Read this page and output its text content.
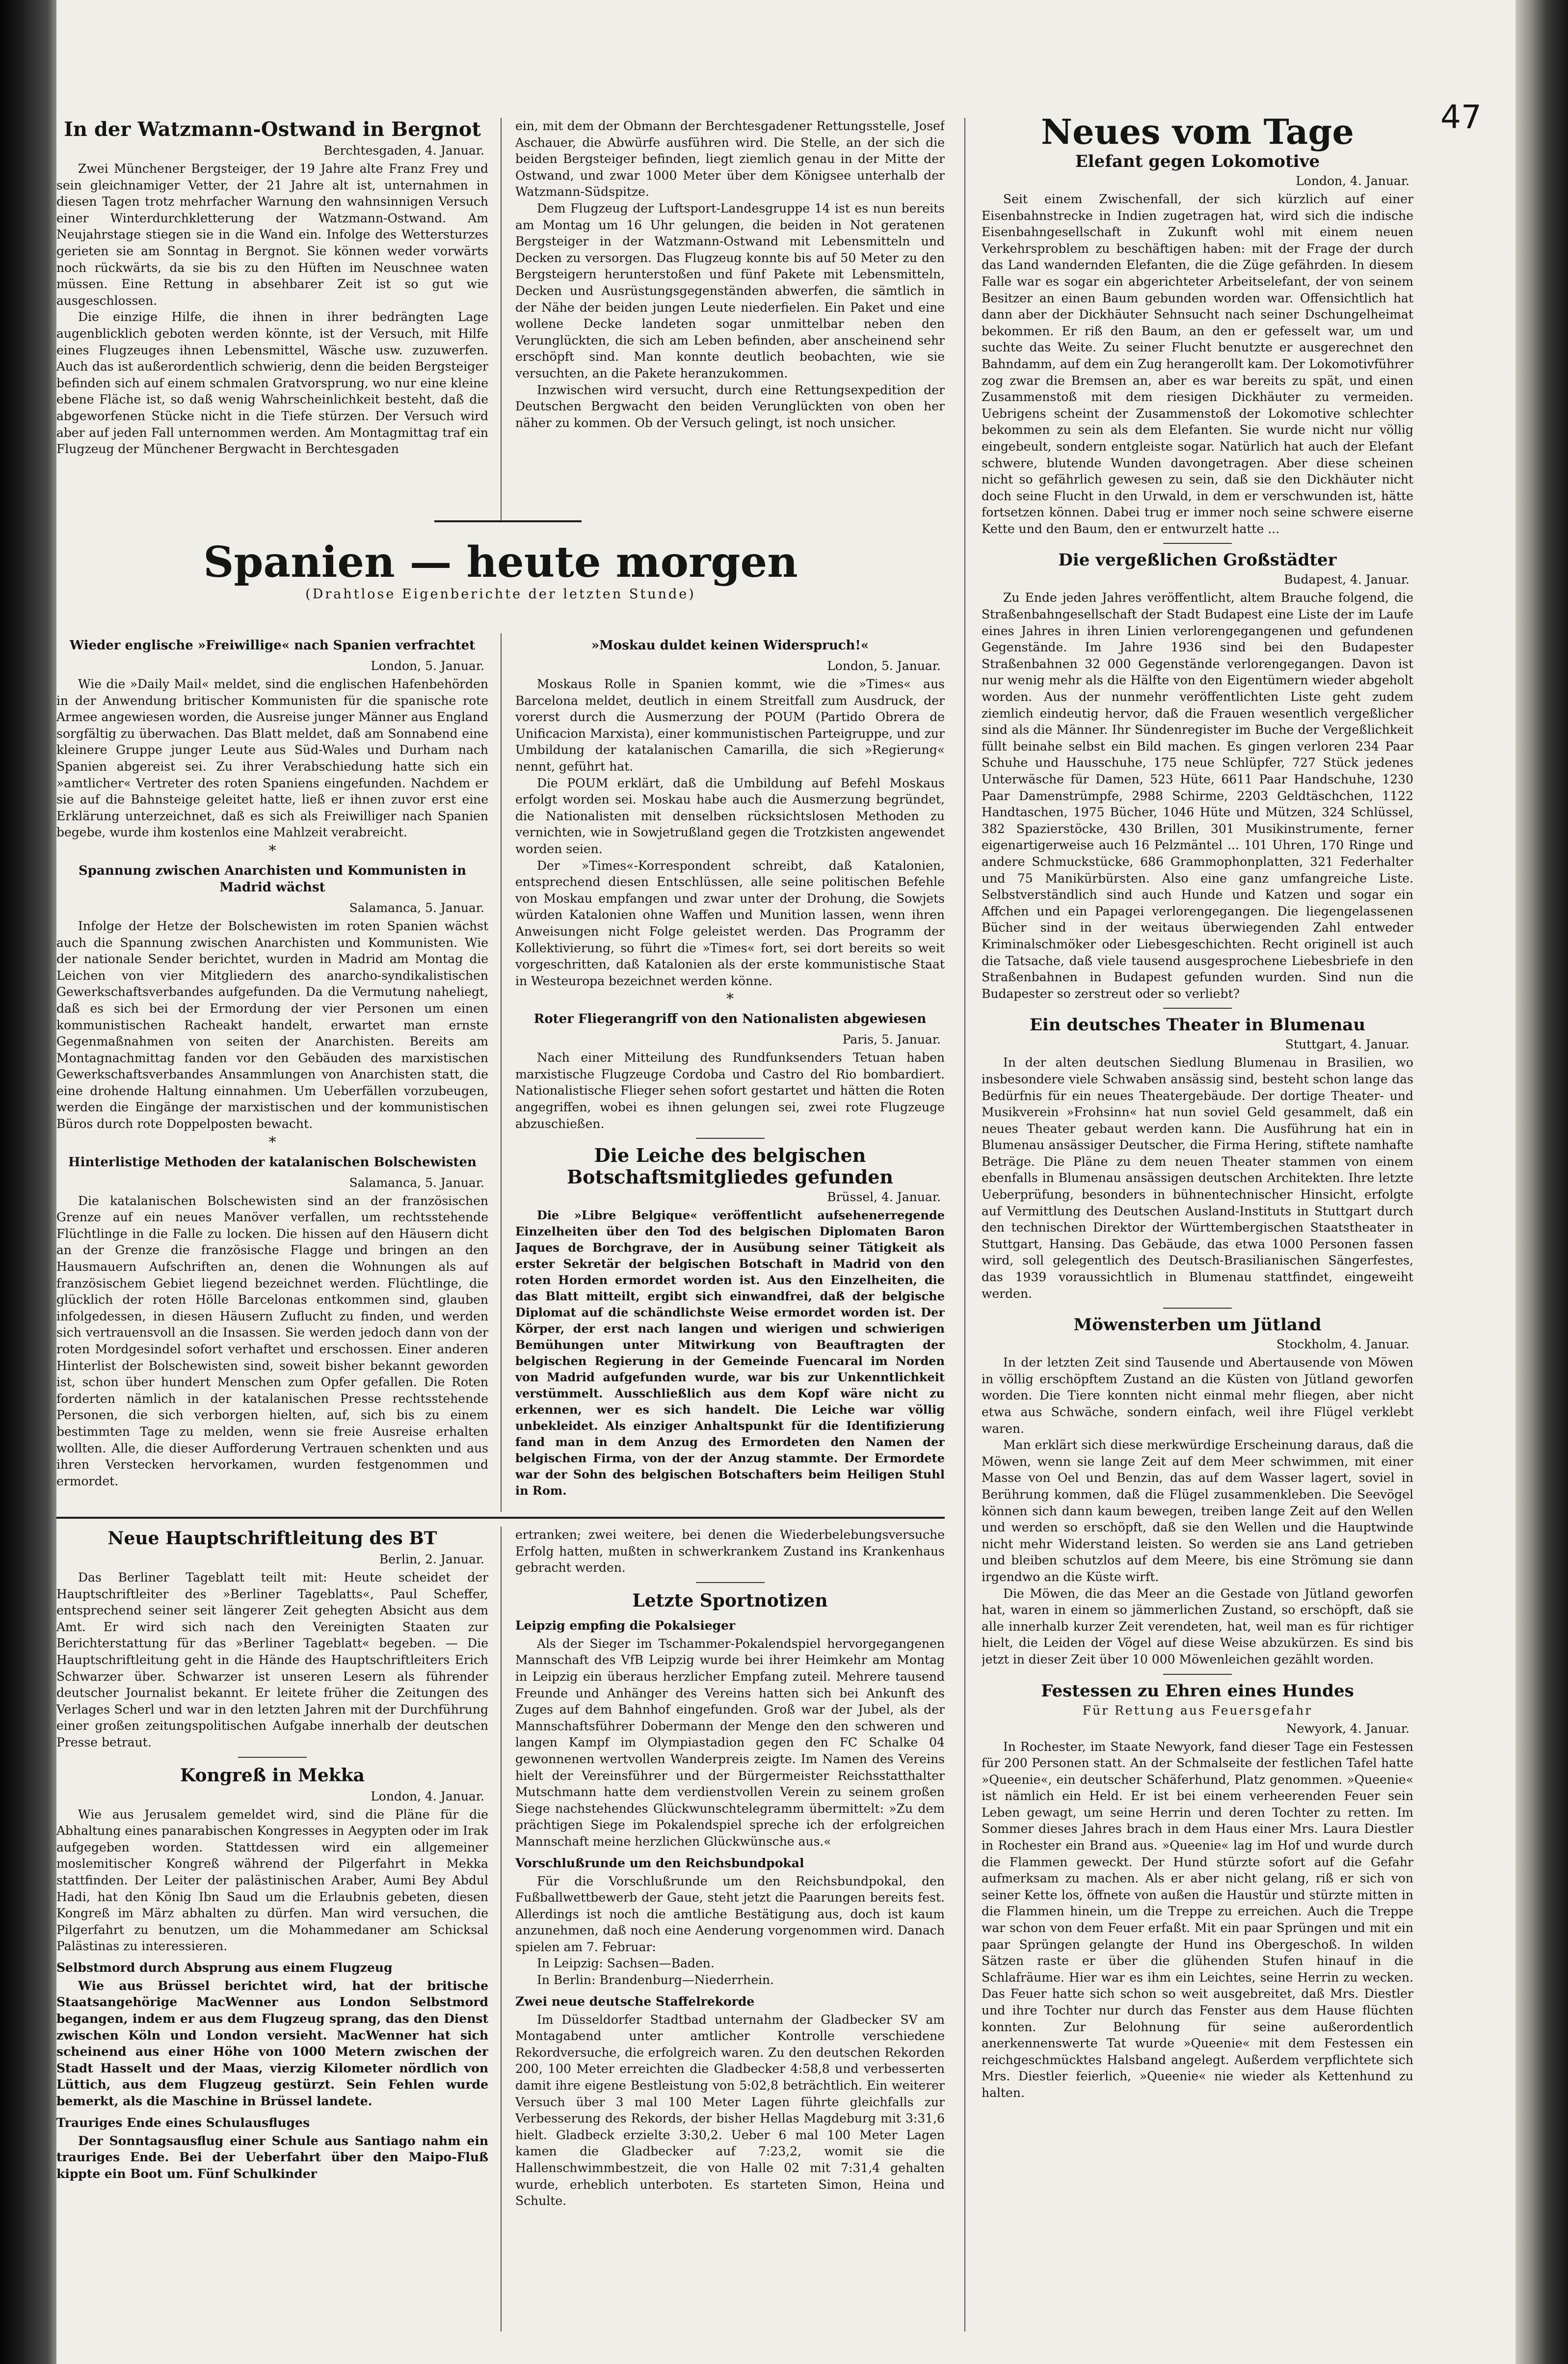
47
In der Watzmann-Ostwand in Bergnot
Berchtesgaden, 4. Januar.

Zwei Münchener Bergsteiger, der 19 Jahre alte Franz Frey und sein gleichnamiger Vetter, der 21 Jahre alt ist, unternahmen in diesen Tagen trotz mehrfacher Warnung den wahnsinnigen Versuch einer Winterdurchkletterung der Watzmann-Ostwand. Am Neujahrstage stiegen sie in die Wand ein. Infolge des Wettersturzes gerieten sie am Sonntag in Bergnot. Sie können weder vorwärts noch rückwärts, da sie bis zu den Hüften im Neuschnee waten müssen. Eine Rettung in absehbarer Zeit ist so gut wie ausgeschlossen.

Die einzige Hilfe, die ihnen in ihrer bedrängten Lage augenblicklich geboten werden könnte, ist der Versuch, mit Hilfe eines Flugzeuges ihnen Lebensmittel, Wäsche usw. zuzuwerfen. Auch das ist außerordentlich schwierig, denn die beiden Bergsteiger befinden sich auf einem schmalen Gratvorsprung, wo nur eine kleine ebene Fläche ist, so daß wenig Wahrscheinlichkeit besteht, daß die abgeworfenen Stücke nicht in die Tiefe stürzen. Der Versuch wird aber auf jeden Fall unternommen werden. Am Montagmittag traf ein Flugzeug der Münchener Bergwacht in Berchtesgaden

ein, mit dem der Obmann der Berchtesgadener Rettungsstelle, Josef Aschauer, die Abwürfe ausführen wird. Die Stelle, an der sich die beiden Bergsteiger befinden, liegt ziemlich genau in der Mitte der Ostwand, und zwar 1000 Meter über dem Königsee unterhalb der Watzmann-Südspitze.

Dem Flugzeug der Luftsport-Landesgruppe 14 ist es nun bereits am Montag um 16 Uhr gelungen, die beiden in Not geratenen Bergsteiger in der Watzmann-Ostwand mit Lebensmitteln und Decken zu versorgen. Das Flugzeug konnte bis auf 50 Meter zu den Bergsteigern herunterstoßen und fünf Pakete mit Lebensmitteln, Decken und Ausrüstungsgegenständen abwerfen, die sämtlich in der Nähe der beiden jungen Leute niederfielen. Ein Paket und eine wollene Decke landeten sogar unmittelbar neben den Verunglückten, die sich am Leben befinden, aber anscheinend sehr erschöpft sind. Man konnte deutlich beobachten, wie sie versuchten, an die Pakete heranzukommen.

Inzwischen wird versucht, durch eine Rettungsexpedition der Deutschen Bergwacht den beiden Verunglückten von oben her näher zu kommen. Ob der Versuch gelingt, ist noch unsicher.

Spanien — heute morgen
(Drahtlose Eigenberichte der letzten Stunde)
Wieder englische »Freiwillige« nach Spanien verfrachtet
London, 5. Januar.

Wie die »Daily Mail« meldet, sind die englischen Hafenbehörden in der Anwendung britischer Kommunisten für die spanische rote Armee angewiesen worden, die Ausreise junger Männer aus England sorgfältig zu überwachen. Das Blatt meldet, daß am Sonnabend eine kleinere Gruppe junger Leute aus Süd-Wales und Durham nach Spanien abgereist sei. Zu ihrer Verabschiedung hatte sich ein »amtlicher« Vertreter des roten Spaniens eingefunden. Nachdem er sie auf die Bahnsteige geleitet hatte, ließ er ihnen zuvor erst eine Erklärung unterzeichnet, daß es sich als Freiwilliger nach Spanien begebe, wurde ihm kostenlos eine Mahlzeit verabreicht.

*
Spannung zwischen Anarchisten und Kommunisten in Madrid wächst
Salamanca, 5. Januar.

Infolge der Hetze der Bolschewisten im roten Spanien wächst auch die Spannung zwischen Anarchisten und Kommunisten. Wie der nationale Sender berichtet, wurden in Madrid am Montag die Leichen von vier Mitgliedern des anarcho-syndikalistischen Gewerkschaftsverbandes aufgefunden. Da die Vermutung naheliegt, daß es sich bei der Ermordung der vier Personen um einen kommunistischen Racheakt handelt, erwartet man ernste Gegenmaßnahmen von seiten der Anarchisten. Bereits am Montagnachmittag fanden vor den Gebäuden des marxistischen Gewerkschaftsverbandes Ansammlungen von Anarchisten statt, die eine drohende Haltung einnahmen. Um Ueberfällen vorzubeugen, werden die Eingänge der marxistischen und der kommunistischen Büros durch rote Doppelposten bewacht.

*
Hinterlistige Methoden der katalanischen Bolschewisten
Salamanca, 5. Januar.

Die katalanischen Bolschewisten sind an der französischen Grenze auf ein neues Manöver verfallen, um rechtsstehende Flüchtlinge in die Falle zu locken. Die hissen auf den Häusern dicht an der Grenze die französische Flagge und bringen an den Hausmauern Aufschriften an, denen die Wohnungen als auf französischem Gebiet liegend bezeichnet werden. Flüchtlinge, die glücklich der roten Hölle Barcelonas entkommen sind, glauben infolgedessen, in diesen Häusern Zuflucht zu finden, und werden sich vertrauensvoll an die Insassen. Sie werden jedoch dann von der roten Mordgesindel sofort verhaftet und erschossen. Einer anderen Hinterlist der Bolschewisten sind, soweit bisher bekannt geworden ist, schon über hundert Menschen zum Opfer gefallen. Die Roten forderten nämlich in der katalanischen Presse rechtsstehende Personen, die sich verborgen hielten, auf, sich bis zu einem bestimmten Tage zu melden, wenn sie freie Ausreise erhalten wollten. Alle, die dieser Aufforderung Vertrauen schenkten und aus ihren Verstecken hervorkamen, wurden festgenommen und ermordet.

»Moskau duldet keinen Widerspruch!«
London, 5. Januar.

Moskaus Rolle in Spanien kommt, wie die »Times« aus Barcelona meldet, deutlich in einem Streitfall zum Ausdruck, der vorerst durch die Ausmerzung der POUM (Partido Obrera de Unificacion Marxista), einer kommunistischen Parteigruppe, und zur Umbildung der katalanischen Camarilla, die sich »Regierung« nennt, geführt hat.

Die POUM erklärt, daß die Umbildung auf Befehl Moskaus erfolgt worden sei. Moskau habe auch die Ausmerzung begründet, die Nationalisten mit denselben rücksichtslosen Methoden zu vernichten, wie in Sowjetrußland gegen die Trotzkisten angewendet worden seien.

Der »Times«-Korrespondent schreibt, daß Katalonien, entsprechend diesen Entschlüssen, alle seine politischen Befehle von Moskau empfangen und zwar unter der Drohung, die Sowjets würden Katalonien ohne Waffen und Munition lassen, wenn ihren Anweisungen nicht Folge geleistet werden. Das Programm der Kollektivierung, so führt die »Times« fort, sei dort bereits so weit vorgeschritten, daß Katalonien als der erste kommunistische Staat in Westeuropa bezeichnet werden könne.

*
Roter Fliegerangriff von den Nationalisten abgewiesen
Paris, 5. Januar.

Nach einer Mitteilung des Rundfunksenders Tetuan haben marxistische Flugzeuge Cordoba und Castro del Rio bombardiert. Nationalistische Flieger sehen sofort gestartet und hätten die Roten angegriffen, wobei es ihnen gelungen sei, zwei rote Flugzeuge abzuschießen.

Die Leiche des belgischen Botschaftsmitgliedes gefunden
Brüssel, 4. Januar.

Die »Libre Belgique« veröffentlicht aufsehenerregende Einzelheiten über den Tod des belgischen Diplomaten Baron Jaques de Borchgrave, der in Ausübung seiner Tätigkeit als erster Sekretär der belgischen Botschaft in Madrid von den roten Horden ermordet worden ist. Aus den Einzelheiten, die das Blatt mitteilt, ergibt sich einwandfrei, daß der belgische Diplomat auf die schändlichste Weise ermordet worden ist. Der Körper, der erst nach langen und wierigen und schwierigen Bemühungen unter Mitwirkung von Beauftragten der belgischen Regierung in der Gemeinde Fuencaral im Norden von Madrid aufgefunden wurde, war bis zur Unkenntlichkeit verstümmelt. Ausschließlich aus dem Kopf wäre nicht zu erkennen, wer es sich handelt. Die Leiche war völlig unbekleidet. Als einziger Anhaltspunkt für die Identifizierung fand man in dem Anzug des Ermordeten den Namen der belgischen Firma, von der der Anzug stammte. Der Ermordete war der Sohn des belgischen Botschafters beim Heiligen Stuhl in Rom.

Neue Hauptschriftleitung des BT
Berlin, 2. Januar.

Das Berliner Tageblatt teilt mit: Heute scheidet der Hauptschriftleiter des »Berliner Tageblatts«, Paul Scheffer, entsprechend seiner seit längerer Zeit gehegten Absicht aus dem Amt. Er wird sich nach den Vereinigten Staaten zur Berichterstattung für das »Berliner Tageblatt« begeben. — Die Hauptschriftleitung geht in die Hände des Hauptschriftleiters Erich Schwarzer über. Schwarzer ist unseren Lesern als führender deutscher Journalist bekannt. Er leitete früher die Zeitungen des Verlages Scherl und war in den letzten Jahren mit der Durchführung einer großen zeitungspolitischen Aufgabe innerhalb der deutschen Presse betraut.

Kongreß in Mekka
London, 4. Januar.

Wie aus Jerusalem gemeldet wird, sind die Pläne für die Abhaltung eines panarabischen Kongresses in Aegypten oder im Irak aufgegeben worden. Stattdessen wird ein allgemeiner moslemitischer Kongreß während der Pilgerfahrt in Mekka stattfinden. Der Leiter der palästinischen Araber, Aumi Bey Abdul Hadi, hat den König Ibn Saud um die Erlaubnis gebeten, diesen Kongreß im März abhalten zu dürfen. Man wird versuchen, die Pilgerfahrt zu benutzen, um die Mohammedaner am Schicksal Palästinas zu interessieren.

Selbstmord durch Absprung aus einem Flugzeug

Wie aus Brüssel berichtet wird, hat der britische Staatsangehörige MacWenner aus London Selbstmord begangen, indem er aus dem Flugzeug sprang, das den Dienst zwischen Köln und London versieht. MacWenner hat sich scheinend aus einer Höhe von 1000 Metern zwischen der Stadt Hasselt und der Maas, vierzig Kilometer nördlich von Lüttich, aus dem Flugzeug gestürzt. Sein Fehlen wurde bemerkt, als die Maschine in Brüssel landete.

Trauriges Ende eines Schulausfluges

Der Sonntagsausflug einer Schule aus Santiago nahm ein trauriges Ende. Bei der Ueberfahrt über den Maipo-Fluß kippte ein Boot um. Fünf Schulkinder

ertranken; zwei weitere, bei denen die Wiederbelebungsversuche Erfolg hatten, mußten in schwerkrankem Zustand ins Krankenhaus gebracht werden.

Letzte Sportnotizen
Leipzig empfing die Pokalsieger

Als der Sieger im Tschammer-Pokalendspiel hervorgegangenen Mannschaft des VfB Leipzig wurde bei ihrer Heimkehr am Montag in Leipzig ein überaus herzlicher Empfang zuteil. Mehrere tausend Freunde und Anhänger des Vereins hatten sich bei Ankunft des Zuges auf dem Bahnhof eingefunden. Groß war der Jubel, als der Mannschaftsführer Dobermann der Menge den den schweren und langen Kampf im Olympiastadion gegen den FC Schalke 04 gewonnenen wertvollen Wanderpreis zeigte. Im Namen des Vereins hielt der Vereinsführer und der Bürgermeister Reichsstatthalter Mutschmann hatte dem verdienstvollen Verein zu seinem großen Siege nachstehendes Glückwunschtelegramm übermittelt: »Zu dem prächtigen Siege im Pokalendspiel spreche ich der erfolgreichen Mannschaft meine herzlichen Glückwünsche aus.«

Vorschlußrunde um den Reichsbundpokal

Für die Vorschlußrunde um den Reichsbundpokal, den Fußballwettbewerb der Gaue, steht jetzt die Paarungen bereits fest. Allerdings ist noch die amtliche Bestätigung aus, doch ist kaum anzunehmen, daß noch eine Aenderung vorgenommen wird. Danach spielen am 7. Februar:

In Leipzig: Sachsen—Baden.

In Berlin: Brandenburg—Niederrhein.

Zwei neue deutsche Staffelrekorde

Im Düsseldorfer Stadtbad unternahm der Gladbecker SV am Montagabend unter amtlicher Kontrolle verschiedene Rekordversuche, die erfolgreich waren. Zu den deutschen Rekorden 200, 100 Meter erreichten die Gladbecker 4:58,8 und verbesserten damit ihre eigene Bestleistung von 5:02,8 beträchtlich. Ein weiterer Versuch über 3 mal 100 Meter Lagen führte gleichfalls zur Verbesserung des Rekords, der bisher Hellas Magdeburg mit 3:31,6 hielt. Gladbeck erzielte 3:30,2. Ueber 6 mal 100 Meter Lagen kamen die Gladbecker auf 7:23,2, womit sie die Hallenschwimmbestzeit, die von Halle 02 mit 7:31,4 gehalten wurde, erheblich unterboten. Es starteten Simon, Heina und Schulte.

Neues vom Tage
Elefant gegen Lokomotive
London, 4. Januar.

Seit einem Zwischenfall, der sich kürzlich auf einer Eisenbahnstrecke in Indien zugetragen hat, wird sich die indische Eisenbahngesellschaft in Zukunft wohl mit einem neuen Verkehrsproblem zu beschäftigen haben: mit der Frage der durch das Land wandernden Elefanten, die die Züge gefährden. In diesem Falle war es sogar ein abgerichteter Arbeitselefant, der von seinem Besitzer an einen Baum gebunden worden war. Offensichtlich hat dann aber der Dickhäuter Sehnsucht nach seiner Dschungelheimat bekommen. Er riß den Baum, an den er gefesselt war, um und suchte das Weite. Zu seiner Flucht benutzte er ausgerechnet den Bahndamm, auf dem ein Zug herangerollt kam. Der Lokomotivführer zog zwar die Bremsen an, aber es war bereits zu spät, und einen Zusammenstoß mit dem riesigen Dickhäuter zu vermeiden. Uebrigens scheint der Zusammenstoß der Lokomotive schlechter bekommen zu sein als dem Elefanten. Sie wurde nicht nur völlig eingebeult, sondern entgleiste sogar. Natürlich hat auch der Elefant schwere, blutende Wunden davongetragen. Aber diese scheinen nicht so gefährlich gewesen zu sein, daß sie den Dickhäuter nicht doch seine Flucht in den Urwald, in dem er verschwunden ist, hätte fortsetzen können. Dabei trug er immer noch seine schwere eiserne Kette und den Baum, den er entwurzelt hatte ...

Die vergeßlichen Großstädter
Budapest, 4. Januar.

Zu Ende jeden Jahres veröffentlicht, altem Brauche folgend, die Straßenbahngesellschaft der Stadt Budapest eine Liste der im Laufe eines Jahres in ihren Linien verlorengegangenen und gefundenen Gegenstände. Im Jahre 1936 sind bei den Budapester Straßenbahnen 32 000 Gegenstände verlorengegangen. Davon ist nur wenig mehr als die Hälfte von den Eigentümern wieder abgeholt worden. Aus der nunmehr veröffentlichten Liste geht zudem ziemlich eindeutig hervor, daß die Frauen wesentlich vergeßlicher sind als die Männer. Ihr Sündenregister im Buche der Vergeßlichkeit füllt beinahe selbst ein Bild machen. Es gingen verloren 234 Paar Schuhe und Hausschuhe, 175 neue Schlüpfer, 727 Stück jedenes Unterwäsche für Damen, 523 Hüte, 6611 Paar Handschuhe, 1230 Paar Damenstrümpfe, 2988 Schirme, 2203 Geldtäschchen, 1122 Handtaschen, 1975 Bücher, 1046 Hüte und Mützen, 324 Schlüssel, 382 Spazierstöcke, 430 Brillen, 301 Musikinstrumente, ferner eigenartigerweise auch 16 Pelzmäntel ... 101 Uhren, 170 Ringe und andere Schmuckstücke, 686 Grammophonplatten, 321 Federhalter und 75 Manikürbürsten. Also eine ganz umfangreiche Liste. Selbstverständlich sind auch Hunde und Katzen und sogar ein Affchen und ein Papagei verlorengegangen. Die liegengelassenen Bücher sind in der weitaus überwiegenden Zahl entweder Kriminalschmöker oder Liebesgeschichten. Recht originell ist auch die Tatsache, daß viele tausend ausgesprochene Liebesbriefe in den Straßenbahnen in Budapest gefunden wurden. Sind nun die Budapester so zerstreut oder so verliebt?

Ein deutsches Theater in Blumenau
Stuttgart, 4. Januar.

In der alten deutschen Siedlung Blumenau in Brasilien, wo insbesondere viele Schwaben ansässig sind, besteht schon lange das Bedürfnis für ein neues Theatergebäude. Der dortige Theater- und Musikverein »Frohsinn« hat nun soviel Geld gesammelt, daß ein neues Theater gebaut werden kann. Die Ausführung hat ein in Blumenau ansässiger Deutscher, die Firma Hering, stiftete namhafte Beträge. Die Pläne zu dem neuen Theater stammen von einem ebenfalls in Blumenau ansässigen deutschen Architekten. Ihre letzte Ueberprüfung, besonders in bühnentechnischer Hinsicht, erfolgte auf Vermittlung des Deutschen Ausland-Instituts in Stuttgart durch den technischen Direktor der Württembergischen Staatstheater in Stuttgart, Hansing. Das Gebäude, das etwa 1000 Personen fassen wird, soll gelegentlich des Deutsch-Brasilianischen Sängerfestes, das 1939 voraussichtlich in Blumenau stattfindet, eingeweiht werden.

Möwensterben um Jütland
Stockholm, 4. Januar.

In der letzten Zeit sind Tausende und Abertausende von Möwen in völlig erschöpftem Zustand an die Küsten von Jütland geworfen worden. Die Tiere konnten nicht einmal mehr fliegen, aber nicht etwa aus Schwäche, sondern einfach, weil ihre Flügel verklebt waren.

Man erklärt sich diese merkwürdige Erscheinung daraus, daß die Möwen, wenn sie lange Zeit auf dem Meer schwimmen, mit einer Masse von Oel und Benzin, das auf dem Wasser lagert, soviel in Berührung kommen, daß die Flügel zusammenkleben. Die Seevögel können sich dann kaum bewegen, treiben lange Zeit auf den Wellen und werden so erschöpft, daß sie den Wellen und die Hauptwinde nicht mehr Widerstand leisten. So werden sie ans Land getrieben und bleiben schutzlos auf dem Meere, bis eine Strömung sie dann irgendwo an die Küste wirft.

Die Möwen, die das Meer an die Gestade von Jütland geworfen hat, waren in einem so jämmerlichen Zustand, so erschöpft, daß sie alle innerhalb kurzer Zeit verendeten, hat, weil man es für richtiger hielt, die Leiden der Vögel auf diese Weise abzukürzen. Es sind bis jetzt in dieser Zeit über 10 000 Möwenleichen gezählt worden.

Festessen zu Ehren eines Hundes
Für Rettung aus Feuersgefahr
Newyork, 4. Januar.

In Rochester, im Staate Newyork, fand dieser Tage ein Festessen für 200 Personen statt. An der Schmalseite der festlichen Tafel hatte »Queenie«, ein deutscher Schäferhund, Platz genommen. »Queenie« ist nämlich ein Held. Er ist bei einem verheerenden Feuer sein Leben gewagt, um seine Herrin und deren Tochter zu retten. Im Sommer dieses Jahres brach in dem Haus einer Mrs. Laura Diestler in Rochester ein Brand aus. »Queenie« lag im Hof und wurde durch die Flammen geweckt. Der Hund stürzte sofort auf die Gefahr aufmerksam zu machen. Als er aber nicht gelang, riß er sich von seiner Kette los, öffnete von außen die Haustür und stürzte mitten in die Flammen hinein, um die Treppe zu erreichen. Auch die Treppe war schon von dem Feuer erfaßt. Mit ein paar Sprüngen und mit ein paar Sprüngen gelangte der Hund ins Obergeschoß. In wilden Sätzen raste er über die glühenden Stufen hinauf in die Schlafräume. Hier war es ihm ein Leichtes, seine Herrin zu wecken. Das Feuer hatte sich schon so weit ausgebreitet, daß Mrs. Diestler und ihre Tochter nur durch das Fenster aus dem Hause flüchten konnten. Zur Belohnung für seine außerordentlich anerkennenswerte Tat wurde »Queenie« mit dem Festessen ein reichgeschmücktes Halsband angelegt. Außerdem verpflichtete sich Mrs. Diestler feierlich, »Queenie« nie wieder als Kettenhund zu halten.
